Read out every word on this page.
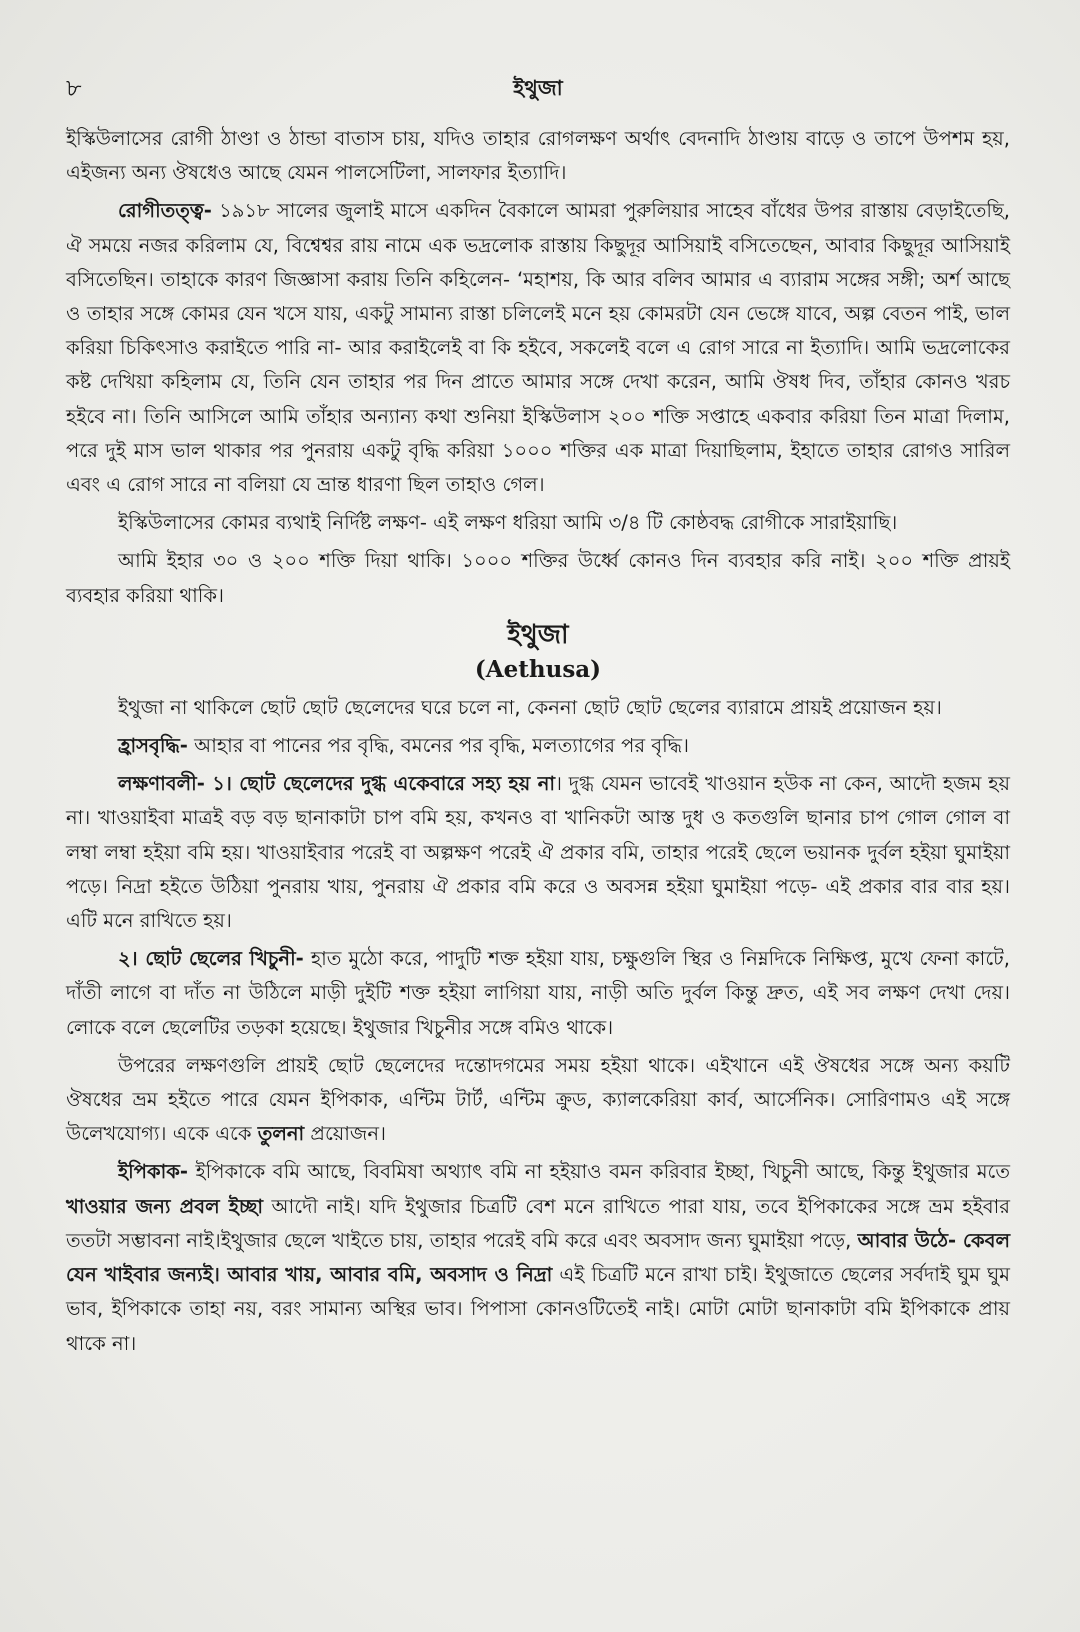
৮	ইথুজা

ইস্কিউলাসের রোগী ঠাণ্ডা ও ঠান্ডা বাতাস চায়, যদিও তাহার রোগলক্ষণ অর্থাৎ বেদনাদি ঠাণ্ডায় বাড়ে ও তাপে উপশম হয়, এইজন্য অন্য ঔষধেও আছে যেমন পালসেটিলা, সালফার ইত্যাদি।

রোগীতত্ত্ব- ১৯১৮ সালের জুলাই মাসে একদিন বৈকালে আমরা পুরুলিয়ার সাহেব বাঁধের উপর রাস্তায় বেড়াইতেছি, ঐ সময়ে নজর করিলাম যে, বিশ্বেশ্বর রায় নামে এক ভদ্রলোক রাস্তায় কিছুদূর আসিয়াই বসিতেছেন, আবার কিছুদূর আসিয়াই বসিতেছিন। তাহাকে কারণ জিজ্ঞাসা করায় তিনি কহিলেন- ‘মহাশয়, কি আর বলিব আমার এ ব্যারাম সঙ্গের সঙ্গী; অর্শ আছে ও তাহার সঙ্গে কোমর যেন খসে যায়, একটু সামান্য রাস্তা চলিলেই মনে হয় কোমরটা যেন ভেঙ্গে যাবে, অল্প বেতন পাই, ভাল করিয়া চিকিৎসাও করাইতে পারি না- আর করাইলেই বা কি হইবে, সকলেই বলে এ রোগ সারে না ইত্যাদি। আমি ভদ্রলোকের কষ্ট দেখিয়া কহিলাম যে, তিনি যেন তাহার পর দিন প্রাতে আমার সঙ্গে দেখা করেন, আমি ঔষধ দিব, তাঁহার কোনও খরচ হইবে না। তিনি আসিলে আমি তাঁহার অন্যান্য কথা শুনিয়া ইস্কিউলাস ২০০ শক্তি সপ্তাহে একবার করিয়া তিন মাত্রা দিলাম, পরে দুই মাস ভাল থাকার পর পুনরায় একটু বৃদ্ধি করিয়া ১০০০ শক্তির এক মাত্রা দিয়াছিলাম, ইহাতে তাহার রোগও সারিল এবং এ রোগ সারে না বলিয়া যে ভ্রান্ত ধারণা ছিল তাহাও গেল।

ইস্কিউলাসের কোমর ব্যথাই নির্দিষ্ট লক্ষণ- এই লক্ষণ ধরিয়া আমি ৩/৪ টি কোষ্ঠবদ্ধ রোগীকে সারাইয়াছি।

আমি ইহার ৩০ ও ২০০ শক্তি দিয়া থাকি। ১০০০ শক্তির উর্ধ্বে কোনও দিন ব্যবহার করি নাই। ২০০ শক্তি প্রায়ই ব্যবহার করিয়া থাকি।

ইথুজা
(Aethusa)

ইথুজা না থাকিলে ছোট ছোট ছেলেদের ঘরে চলে না, কেননা ছোট ছোট ছেলের ব্যারামে প্রায়ই প্রয়োজন হয়।

হ্রাসবৃদ্ধি- আহার বা পানের পর বৃদ্ধি, বমনের পর বৃদ্ধি, মলত্যাগের পর বৃদ্ধি।

লক্ষণাবলী- ১। ছোট ছেলেদের দুগ্ধ একেবারে সহ্য হয় না। দুগ্ধ যেমন ভাবেই খাওয়ান হউক না কেন, আদৌ হজম হয় না। খাওয়াইবা মাত্রই বড় বড় ছানাকাটা চাপ বমি হয়, কখনও বা খানিকটা আস্ত দুধ ও কতগুলি ছানার চাপ গোল গোল বা লম্বা লম্বা হইয়া বমি হয়। খাওয়াইবার পরেই বা অল্পক্ষণ পরেই ঐ প্রকার বমি, তাহার পরেই ছেলে ভয়ানক দুর্বল হইয়া ঘুমাইয়া পড়ে। নিদ্রা হইতে উঠিয়া পুনরায় খায়, পুনরায় ঐ প্রকার বমি করে ও অবসন্ন হইয়া ঘুমাইয়া পড়ে- এই প্রকার বার বার হয়। এটি মনে রাখিতে হয়।

২। ছোট ছেলের খিচুনী- হাত মুঠো করে, পাদুটি শক্ত হইয়া যায়, চক্ষুগুলি স্থির ও নিম্নদিকে নিক্ষিপ্ত, মুখে ফেনা কাটে, দাঁতী লাগে বা দাঁত না উঠিলে মাড়ী দুইটি শক্ত হইয়া লাগিয়া যায়, নাড়ী অতি দুর্বল কিন্তু দ্রুত, এই সব লক্ষণ দেখা দেয়। লোকে বলে ছেলেটির তড়কা হয়েছে। ইথুজার খিচুনীর সঙ্গে বমিও থাকে।

উপরের লক্ষণগুলি প্রায়ই ছোট ছেলেদের দন্তোদগমের সময় হইয়া থাকে। এইখানে এই ঔষধের সঙ্গে অন্য কয়টি ঔষধের ভ্রম হইতে পারে যেমন ইপিকাক, এন্টিম টার্ট, এন্টিম ক্রুড, ক্যালকেরিয়া কার্ব, আর্সেনিক। সোরিণামও এই সঙ্গে উলেখযোগ্য। একে একে তুলনা প্রয়োজন।

ইপিকাক- ইপিকাকে বমি আছে, বিবমিষা অথ্যাৎ বমি না হইয়াও বমন করিবার ইচ্ছা, খিচুনী আছে, কিন্তু ইথুজার মতে খাওয়ার জন্য প্রবল ইচ্ছা আদৌ নাই। যদি ইথুজার চিত্রটি বেশ মনে রাখিতে পারা যায়, তবে ইপিকাকের সঙ্গে ভ্রম হইবার ততটা সম্ভাবনা নাই।ইথুজার ছেলে খাইতে চায়, তাহার পরেই বমি করে এবং অবসাদ জন্য ঘুমাইয়া পড়ে, আবার উঠে- কেবল যেন খাইবার জন্যই। আবার খায়, আবার বমি, অবসাদ ও নিদ্রা এই চিত্রটি মনে রাখা চাই। ইথুজাতে ছেলের সর্বদাই ঘুম ঘুম ভাব, ইপিকাকে তাহা নয়, বরং সামান্য অস্থির ভাব। পিপাসা কোনওটিতেই নাই। মোটা মোটা ছানাকাটা বমি ইপিকাকে প্রায় থাকে না।
